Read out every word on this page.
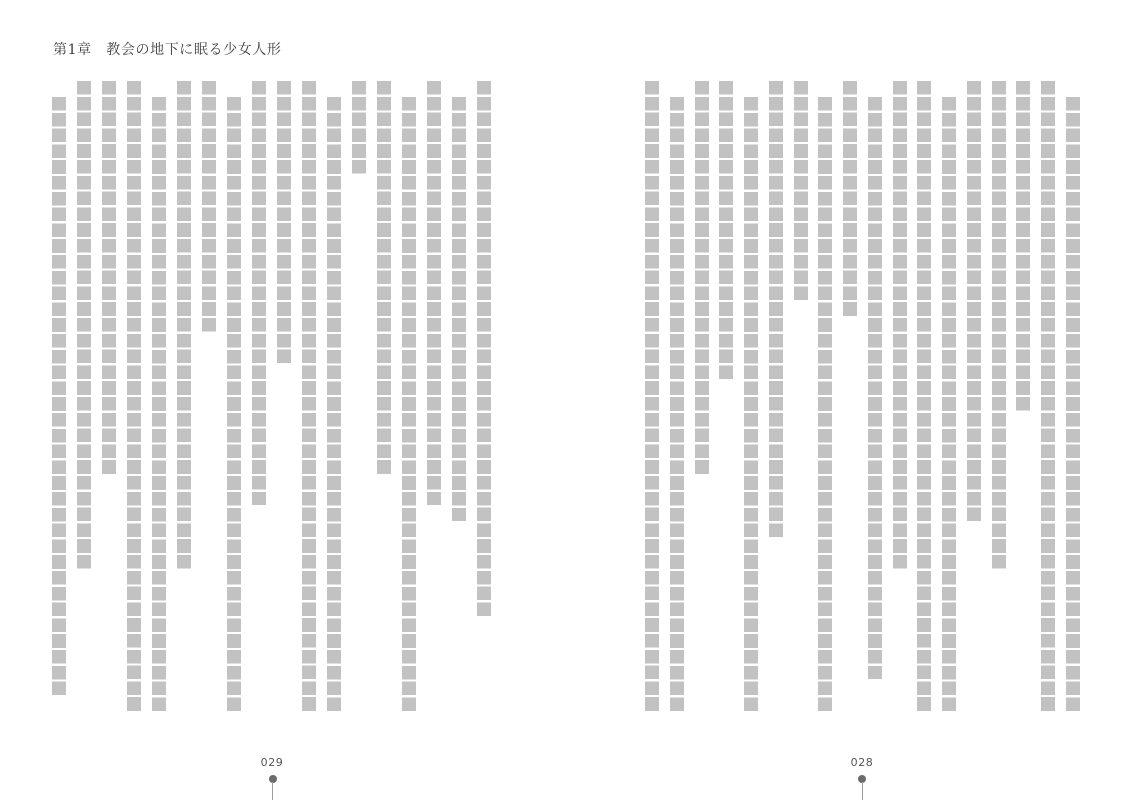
第1章　教会の地下に眠る少女人形
029	028
